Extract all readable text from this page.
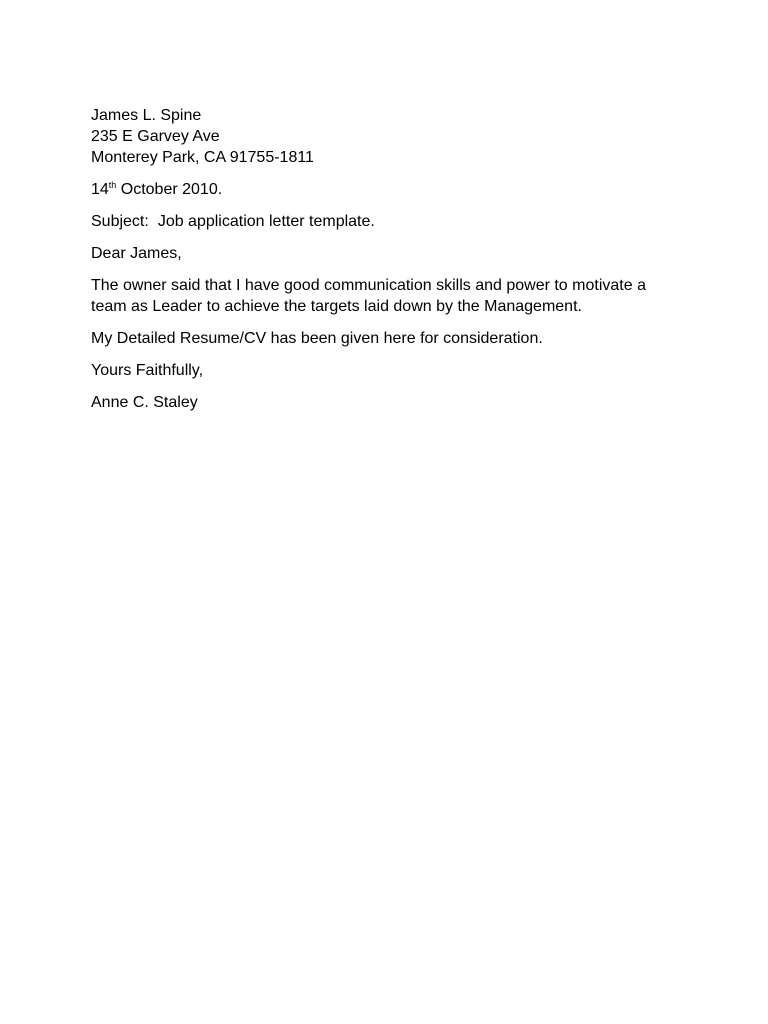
James L. Spine
235 E Garvey Ave
Monterey Park, CA 91755-1811
14th October 2010.
Subject: Job application letter template.
Dear James,
The owner said that I have good communication skills and power to motivate a team as Leader to achieve the targets laid down by the Management.
My Detailed Resume/CV has been given here for consideration.
Yours Faithfully,
Anne C. Staley
